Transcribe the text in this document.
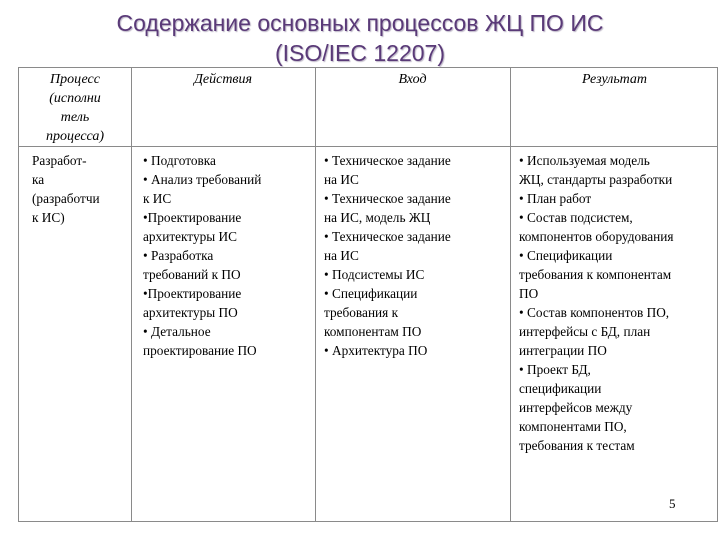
Содержание основных процессов ЖЦ ПО ИС
(ISO/IEC 12207)
Процесс
(исполни
тель
процесса)
Действия	Вход	Результат
Разработ-
ка
(разработчи
к ИС)
• Подготовка
• Анализ требований
к ИС
•Проектирование
архитектуры ИС
• Разработка
требований к ПО
•Проектирование
архитектуры ПО
• Детальное
проектирование ПО
• Техническое задание
на ИС
• Техническое задание
на ИС, модель ЖЦ
• Техническое задание
на ИС
• Подсистемы ИС
• Спецификации
требования к
компонентам ПО
• Архитектура ПО
• Используемая модель
ЖЦ, стандарты разработки
• План работ
• Состав подсистем,
компонентов оборудования
• Спецификации
требования к компонентам
ПО
• Состав компонентов ПО,
интерфейсы с БД, план
интеграции ПО
• Проект БД,
спецификации
интерфейсов между
компонентами ПО,
требования к тестам
5
